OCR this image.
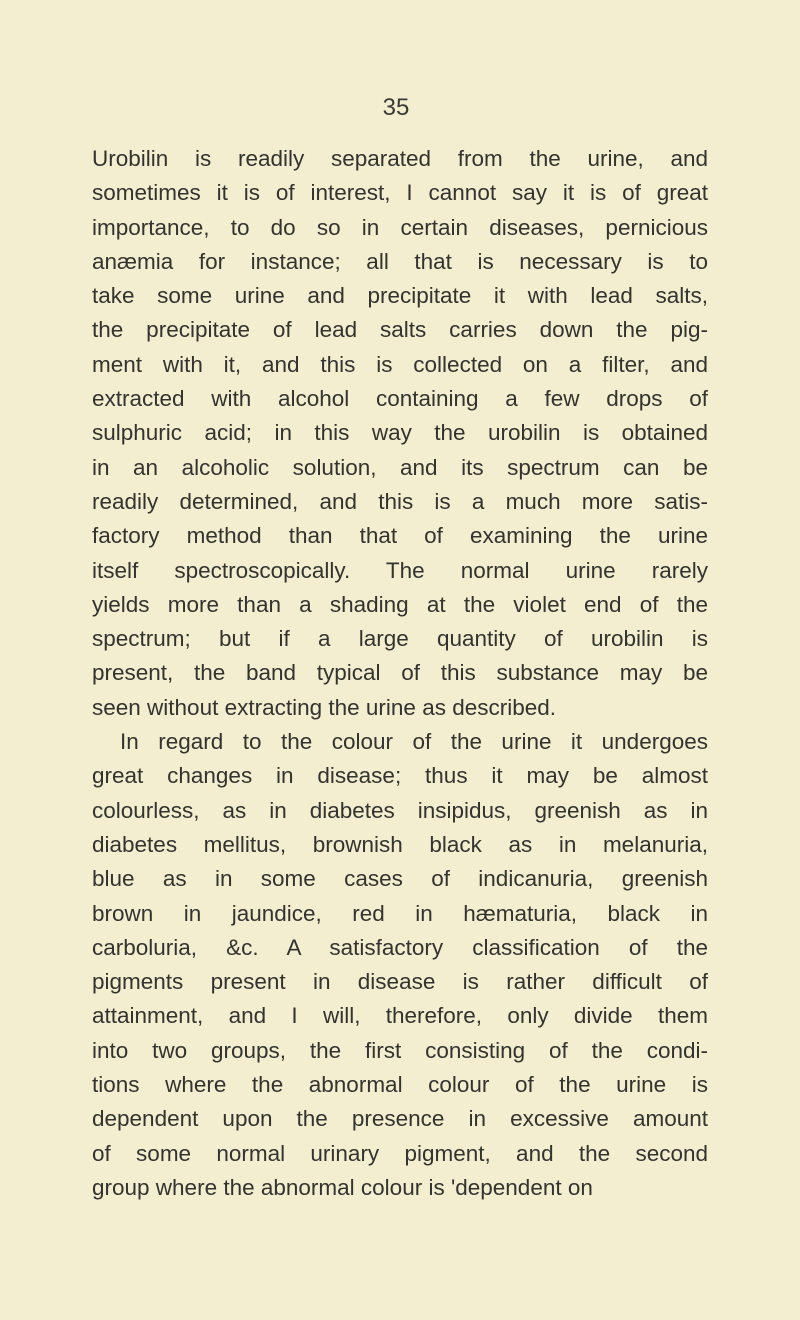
35
Urobilin is readily separated from the urine, and
sometimes it is of interest, I cannot say it is of great
importance, to do so in certain diseases, pernicious
anæmia for instance; all that is necessary is to
take some urine and precipitate it with lead salts,
the precipitate of lead salts carries down the pig-
ment with it, and this is collected on a filter, and
extracted with alcohol containing a few drops of
sulphuric acid; in this way the urobilin is obtained
in an alcoholic solution, and its spectrum can be
readily determined, and this is a much more satis-
factory method than that of examining the urine
itself spectroscopically. The normal urine rarely
yields more than a shading at the violet end of the
spectrum; but if a large quantity of urobilin is
present, the band typical of this substance may be
seen without extracting the urine as described.
In regard to the colour of the urine it undergoes
great changes in disease; thus it may be almost
colourless, as in diabetes insipidus, greenish as in
diabetes mellitus, brownish black as in melanuria,
blue as in some cases of indicanuria, greenish
brown in jaundice, red in hæmaturia, black in
carboluria, &c. A satisfactory classification of the
pigments present in disease is rather difficult of
attainment, and I will, therefore, only divide them
into two groups, the first consisting of the condi-
tions where the abnormal colour of the urine is
dependent upon the presence in excessive amount
of some normal urinary pigment, and the second
group where the abnormal colour is 'dependent on
